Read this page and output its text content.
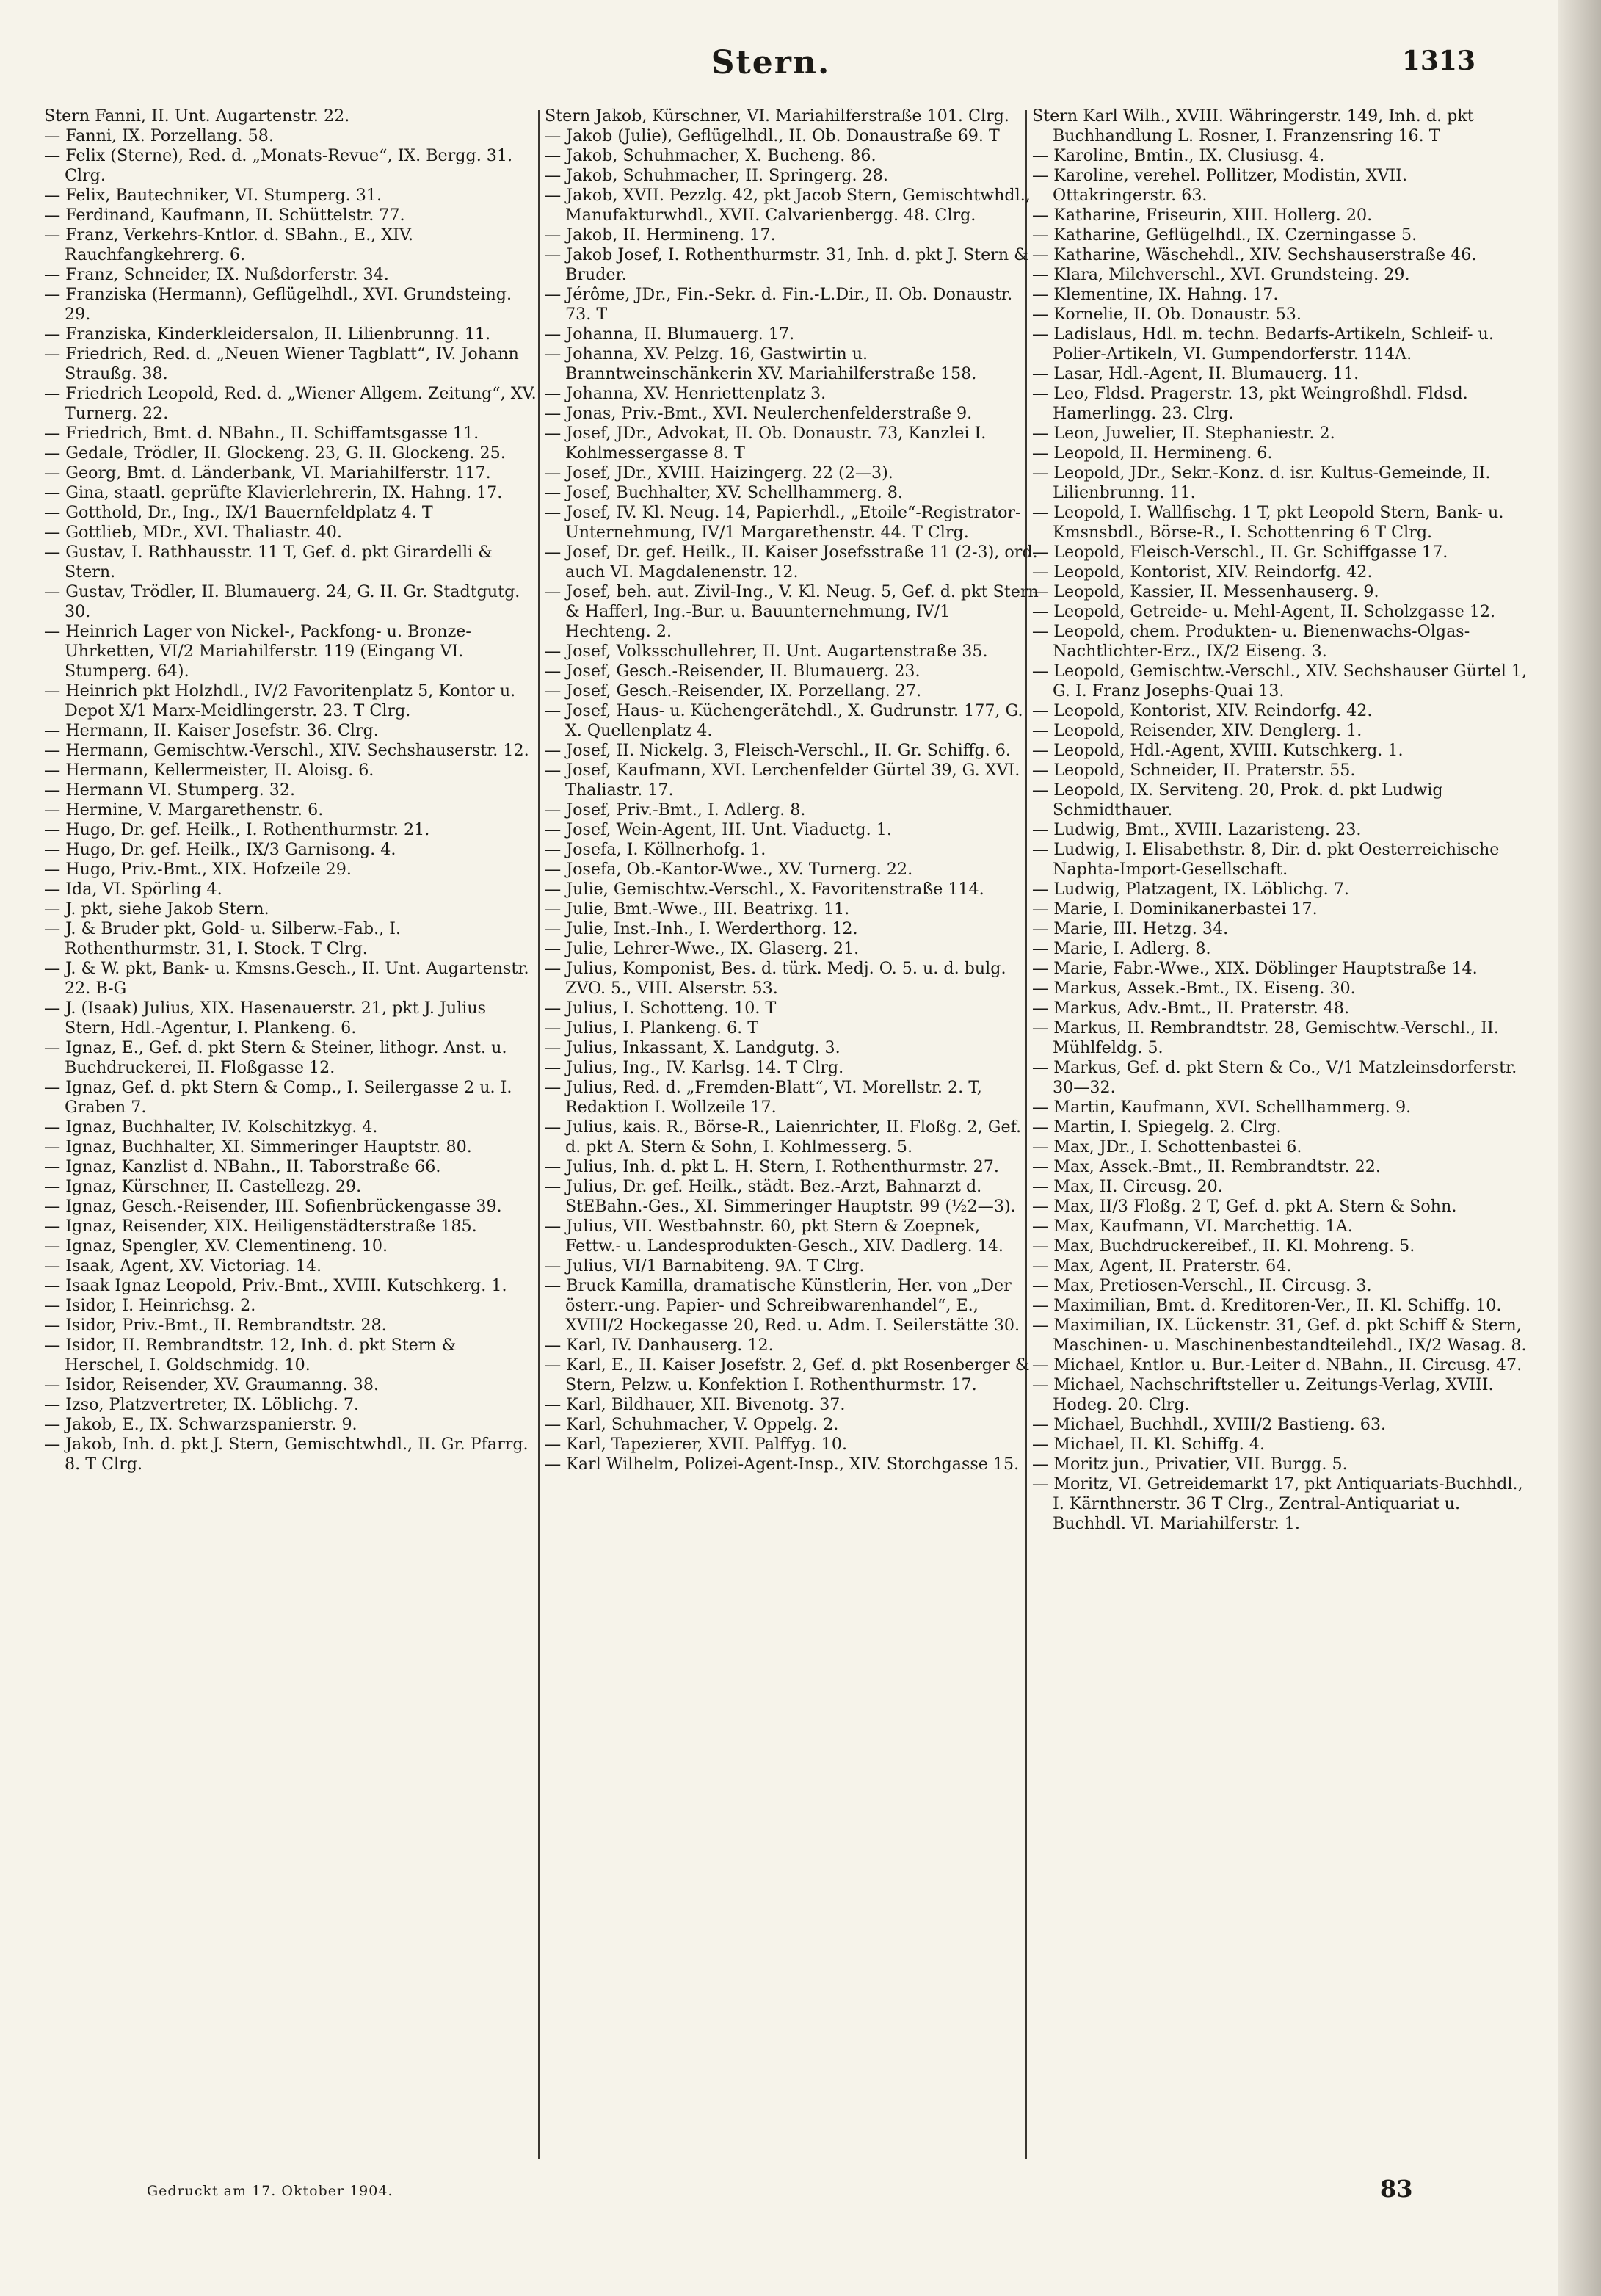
Stern.	1313

Stern Fanni, II. Unt. Augartenstr. 22.

— Fanni, IX. Porzellang. 58.

— Felix (Sterne), Red. d. „Monats-Revue“, IX. Bergg. 31. Clrg.

— Felix, Bautechniker, VI. Stumperg. 31.

— Ferdinand, Kaufmann, II. Schüttelstr. 77.

— Franz, Verkehrs-Kntlor. d. SBahn., E., XIV. Rauchfangkehrerg. 6.

— Franz, Schneider, IX. Nußdorferstr. 34.

— Franziska (Hermann), Geflügelhdl., XVI. Grundsteing. 29.

— Franziska, Kinderkleidersalon, II. Lilienbrunng. 11.

— Friedrich, Red. d. „Neuen Wiener Tagblatt“, IV. Johann Straußg. 38.

— Friedrich Leopold, Red. d. „Wiener Allgem. Zeitung“, XV. Turnerg. 22.

— Friedrich, Bmt. d. NBahn., II. Schiffamtsgasse 11.

— Gedale, Trödler, II. Glockeng. 23, G. II. Glockeng. 25.

— Georg, Bmt. d. Länderbank, VI. Mariahilferstr. 117.

— Gina, staatl. geprüfte Klavierlehrerin, IX. Hahng. 17.

— Gotthold, Dr., Ing., IX/1 Bauernfeldplatz 4. T

— Gottlieb, MDr., XVI. Thaliastr. 40.

— Gustav, I. Rathhausstr. 11 T, Gef. d. pkt Girardelli & Stern.

— Gustav, Trödler, II. Blumauerg. 24, G. II. Gr. Stadtgutg. 30.

— Heinrich Lager von Nickel-, Packfong- u. Bronze-Uhrketten, VI/2 Mariahilferstr. 119 (Eingang VI. Stumperg. 64).

— Heinrich pkt Holzhdl., IV/2 Favoritenplatz 5, Kontor u. Depot X/1 Marx-Meidlingerstr. 23. T Clrg.

— Hermann, II. Kaiser Josefstr. 36. Clrg.

— Hermann, Gemischtw.-Verschl., XIV. Sechshauserstr. 12.

— Hermann, Kellermeister, II. Aloisg. 6.

— Hermann VI. Stumperg. 32.

— Hermine, V. Margarethenstr. 6.

— Hugo, Dr. gef. Heilk., I. Rothenthurmstr. 21.

— Hugo, Dr. gef. Heilk., IX/3 Garnisong. 4.

— Hugo, Priv.-Bmt., XIX. Hofzeile 29.

— Ida, VI. Spörling 4.

— J. pkt, siehe Jakob Stern.

— J. & Bruder pkt, Gold- u. Silberw.-Fab., I. Rothenthurmstr. 31, I. Stock. T Clrg.

— J. & W. pkt, Bank- u. Kmsns.Gesch., II. Unt. Augartenstr. 22. B-G

— J. (Isaak) Julius, XIX. Hasenauerstr. 21, pkt J. Julius Stern, Hdl.-Agentur, I. Plankeng. 6.

— Ignaz, E., Gef. d. pkt Stern & Steiner, lithogr. Anst. u. Buchdruckerei, II. Floßgasse 12.

— Ignaz, Gef. d. pkt Stern & Comp., I. Seilergasse 2 u. I. Graben 7.

— Ignaz, Buchhalter, IV. Kolschitzkyg. 4.

— Ignaz, Buchhalter, XI. Simmeringer Hauptstr. 80.

— Ignaz, Kanzlist d. NBahn., II. Taborstraße 66.

— Ignaz, Kürschner, II. Castellezg. 29.

— Ignaz, Gesch.-Reisender, III. Sofienbrückengasse 39.

— Ignaz, Reisender, XIX. Heiligenstädterstraße 185.

— Ignaz, Spengler, XV. Clementineng. 10.

— Isaak, Agent, XV. Victoriag. 14.

— Isaak Ignaz Leopold, Priv.-Bmt., XVIII. Kutschkerg. 1.

— Isidor, I. Heinrichsg. 2.

— Isidor, Priv.-Bmt., II. Rembrandtstr. 28.

— Isidor, II. Rembrandtstr. 12, Inh. d. pkt Stern & Herschel, I. Goldschmidg. 10.

— Isidor, Reisender, XV. Graumanng. 38.

— Izso, Platzvertreter, IX. Löblichg. 7.

— Jakob, E., IX. Schwarzspanierstr. 9.

— Jakob, Inh. d. pkt J. Stern, Gemischtwhdl., II. Gr. Pfarrg. 8. T Clrg.

Stern Jakob, Kürschner, VI. Mariahilferstraße 101. Clrg.

— Jakob (Julie), Geflügelhdl., II. Ob. Donaustraße 69. T

— Jakob, Schuhmacher, X. Bucheng. 86.

— Jakob, Schuhmacher, II. Springerg. 28.

— Jakob, XVII. Pezzlg. 42, pkt Jacob Stern, Gemischtwhdl., Manufakturwhdl., XVII. Calvarienbergg. 48. Clrg.

— Jakob, II. Hermineng. 17.

— Jakob Josef, I. Rothenthurmstr. 31, Inh. d. pkt J. Stern & Bruder.

— Jérôme, JDr., Fin.-Sekr. d. Fin.-L.Dir., II. Ob. Donaustr. 73. T

— Johanna, II. Blumauerg. 17.

— Johanna, XV. Pelzg. 16, Gastwirtin u. Branntweinschänkerin XV. Mariahilferstraße 158.

— Johanna, XV. Henriettenplatz 3.

— Jonas, Priv.-Bmt., XVI. Neulerchenfelderstraße 9.

— Josef, JDr., Advokat, II. Ob. Donaustr. 73, Kanzlei I. Kohlmessergasse 8. T

— Josef, JDr., XVIII. Haizingerg. 22 (2—3).

— Josef, Buchhalter, XV. Schellhammerg. 8.

— Josef, IV. Kl. Neug. 14, Papierhdl., „Etoile“-Registrator-Unternehmung, IV/1 Margarethenstr. 44. T Clrg.

— Josef, Dr. gef. Heilk., II. Kaiser Josefsstraße 11 (2-3), ord. auch VI. Magdalenenstr. 12.

— Josef, beh. aut. Zivil-Ing., V. Kl. Neug. 5, Gef. d. pkt Stern & Hafferl, Ing.-Bur. u. Bauunternehmung, IV/1 Hechteng. 2.

— Josef, Volksschullehrer, II. Unt. Augartenstraße 35.

— Josef, Gesch.-Reisender, II. Blumauerg. 23.

— Josef, Gesch.-Reisender, IX. Porzellang. 27.

— Josef, Haus- u. Küchengerätehdl., X. Gudrunstr. 177, G. X. Quellenplatz 4.

— Josef, II. Nickelg. 3, Fleisch-Verschl., II. Gr. Schiffg. 6.

— Josef, Kaufmann, XVI. Lerchenfelder Gürtel 39, G. XVI. Thaliastr. 17.

— Josef, Priv.-Bmt., I. Adlerg. 8.

— Josef, Wein-Agent, III. Unt. Viaductg. 1.

— Josefa, I. Köllnerhofg. 1.

— Josefa, Ob.-Kantor-Wwe., XV. Turnerg. 22.

— Julie, Gemischtw.-Verschl., X. Favoritenstraße 114.

— Julie, Bmt.-Wwe., III. Beatrixg. 11.

— Julie, Inst.-Inh., I. Werderthorg. 12.

— Julie, Lehrer-Wwe., IX. Glaserg. 21.

— Julius, Komponist, Bes. d. türk. Medj. O. 5. u. d. bulg. ZVO. 5., VIII. Alserstr. 53.

— Julius, I. Schotteng. 10. T

— Julius, I. Plankeng. 6. T

— Julius, Inkassant, X. Landgutg. 3.

— Julius, Ing., IV. Karlsg. 14. T Clrg.

— Julius, Red. d. „Fremden-Blatt“, VI. Morellstr. 2. T, Redaktion I. Wollzeile 17.

— Julius, kais. R., Börse-R., Laienrichter, II. Floßg. 2, Gef. d. pkt A. Stern & Sohn, I. Kohlmesserg. 5.

— Julius, Inh. d. pkt L. H. Stern, I. Rothenthurmstr. 27.

— Julius, Dr. gef. Heilk., städt. Bez.-Arzt, Bahnarzt d. StEBahn.-Ges., XI. Simmeringer Hauptstr. 99 (½2—3).

— Julius, VII. Westbahnstr. 60, pkt Stern & Zoepnek, Fettw.- u. Landesprodukten-Gesch., XIV. Dadlerg. 14.

— Julius, VI/1 Barnabiteng. 9A. T Clrg.

— Bruck Kamilla, dramatische Künstlerin, Her. von „Der österr.-ung. Papier- und Schreibwarenhandel“, E., XVIII/2 Hockegasse 20, Red. u. Adm. I. Seilerstätte 30.

— Karl, IV. Danhauserg. 12.

— Karl, E., II. Kaiser Josefstr. 2, Gef. d. pkt Rosenberger & Stern, Pelzw. u. Konfektion I. Rothenthurmstr. 17.

— Karl, Bildhauer, XII. Bivenotg. 37.

— Karl, Schuhmacher, V. Oppelg. 2.

— Karl, Tapezierer, XVII. Palffyg. 10.

— Karl Wilhelm, Polizei-Agent-Insp., XIV. Storchgasse 15.

Stern Karl Wilh., XVIII. Währingerstr. 149, Inh. d. pkt Buchhandlung L. Rosner, I. Franzensring 16. T

— Karoline, Bmtin., IX. Clusiusg. 4.

— Karoline, verehel. Pollitzer, Modistin, XVII. Ottakringerstr. 63.

— Katharine, Friseurin, XIII. Hollerg. 20.

— Katharine, Geflügelhdl., IX. Czerningasse 5.

— Katharine, Wäschehdl., XIV. Sechshauserstraße 46.

— Klara, Milchverschl., XVI. Grundsteing. 29.

— Klementine, IX. Hahng. 17.

— Kornelie, II. Ob. Donaustr. 53.

— Ladislaus, Hdl. m. techn. Bedarfs-Artikeln, Schleif- u. Polier-Artikeln, VI. Gumpendorferstr. 114A.

— Lasar, Hdl.-Agent, II. Blumauerg. 11.

— Leo, Fldsd. Pragerstr. 13, pkt Weingroßhdl. Fldsd. Hamerlingg. 23. Clrg.

— Leon, Juwelier, II. Stephaniestr. 2.

— Leopold, II. Hermineng. 6.

— Leopold, JDr., Sekr.-Konz. d. isr. Kultus-Gemeinde, II. Lilienbrunng. 11.

— Leopold, I. Wallfischg. 1 T, pkt Leopold Stern, Bank- u. Kmsnsbdl., Börse-R., I. Schottenring 6 T Clrg.

— Leopold, Fleisch-Verschl., II. Gr. Schiffgasse 17.

— Leopold, Kontorist, XIV. Reindorfg. 42.

— Leopold, Kassier, II. Messenhauserg. 9.

— Leopold, Getreide- u. Mehl-Agent, II. Scholzgasse 12.

— Leopold, chem. Produkten- u. Bienenwachs-Olgas-Nachtlichter-Erz., IX/2 Eiseng. 3.

— Leopold, Gemischtw.-Verschl., XIV. Sechshauser Gürtel 1, G. I. Franz Josephs-Quai 13.

— Leopold, Kontorist, XIV. Reindorfg. 42.

— Leopold, Reisender, XIV. Denglerg. 1.

— Leopold, Hdl.-Agent, XVIII. Kutschkerg. 1.

— Leopold, Schneider, II. Praterstr. 55.

— Leopold, IX. Serviteng. 20, Prok. d. pkt Ludwig Schmidthauer.

— Ludwig, Bmt., XVIII. Lazaristeng. 23.

— Ludwig, I. Elisabethstr. 8, Dir. d. pkt Oesterreichische Naphta-Import-Gesellschaft.

— Ludwig, Platzagent, IX. Löblichg. 7.

— Marie, I. Dominikanerbastei 17.

— Marie, III. Hetzg. 34.

— Marie, I. Adlerg. 8.

— Marie, Fabr.-Wwe., XIX. Döblinger Hauptstraße 14.

— Markus, Assek.-Bmt., IX. Eiseng. 30.

— Markus, Adv.-Bmt., II. Praterstr. 48.

— Markus, II. Rembrandtstr. 28, Gemischtw.-Verschl., II. Mühlfeldg. 5.

— Markus, Gef. d. pkt Stern & Co., V/1 Matzleinsdorferstr. 30—32.

— Martin, Kaufmann, XVI. Schellhammerg. 9.

— Martin, I. Spiegelg. 2. Clrg.

— Max, JDr., I. Schottenbastei 6.

— Max, Assek.-Bmt., II. Rembrandtstr. 22.

— Max, II. Circusg. 20.

— Max, II/3 Floßg. 2 T, Gef. d. pkt A. Stern & Sohn.

— Max, Kaufmann, VI. Marchettig. 1A.

— Max, Buchdruckereibef., II. Kl. Mohreng. 5.

— Max, Agent, II. Praterstr. 64.

— Max, Pretiosen-Verschl., II. Circusg. 3.

— Maximilian, Bmt. d. Kreditoren-Ver., II. Kl. Schiffg. 10.

— Maximilian, IX. Lückenstr. 31, Gef. d. pkt Schiff & Stern, Maschinen- u. Maschinenbestandteilehdl., IX/2 Wasag. 8.

— Michael, Kntlor. u. Bur.-Leiter d. NBahn., II. Circusg. 47.

— Michael, Nachschriftsteller u. Zeitungs-Verlag, XVIII. Hodeg. 20. Clrg.

— Michael, Buchhdl., XVIII/2 Bastieng. 63.

— Michael, II. Kl. Schiffg. 4.

— Moritz jun., Privatier, VII. Burgg. 5.

— Moritz, VI. Getreidemarkt 17, pkt Antiquariats-Buchhdl., I. Kärnthnerstr. 36 T Clrg., Zentral-Antiquariat u. Buchhdl. VI. Mariahilferstr. 1.

Gedruckt am 17. Oktober 1904.	83
